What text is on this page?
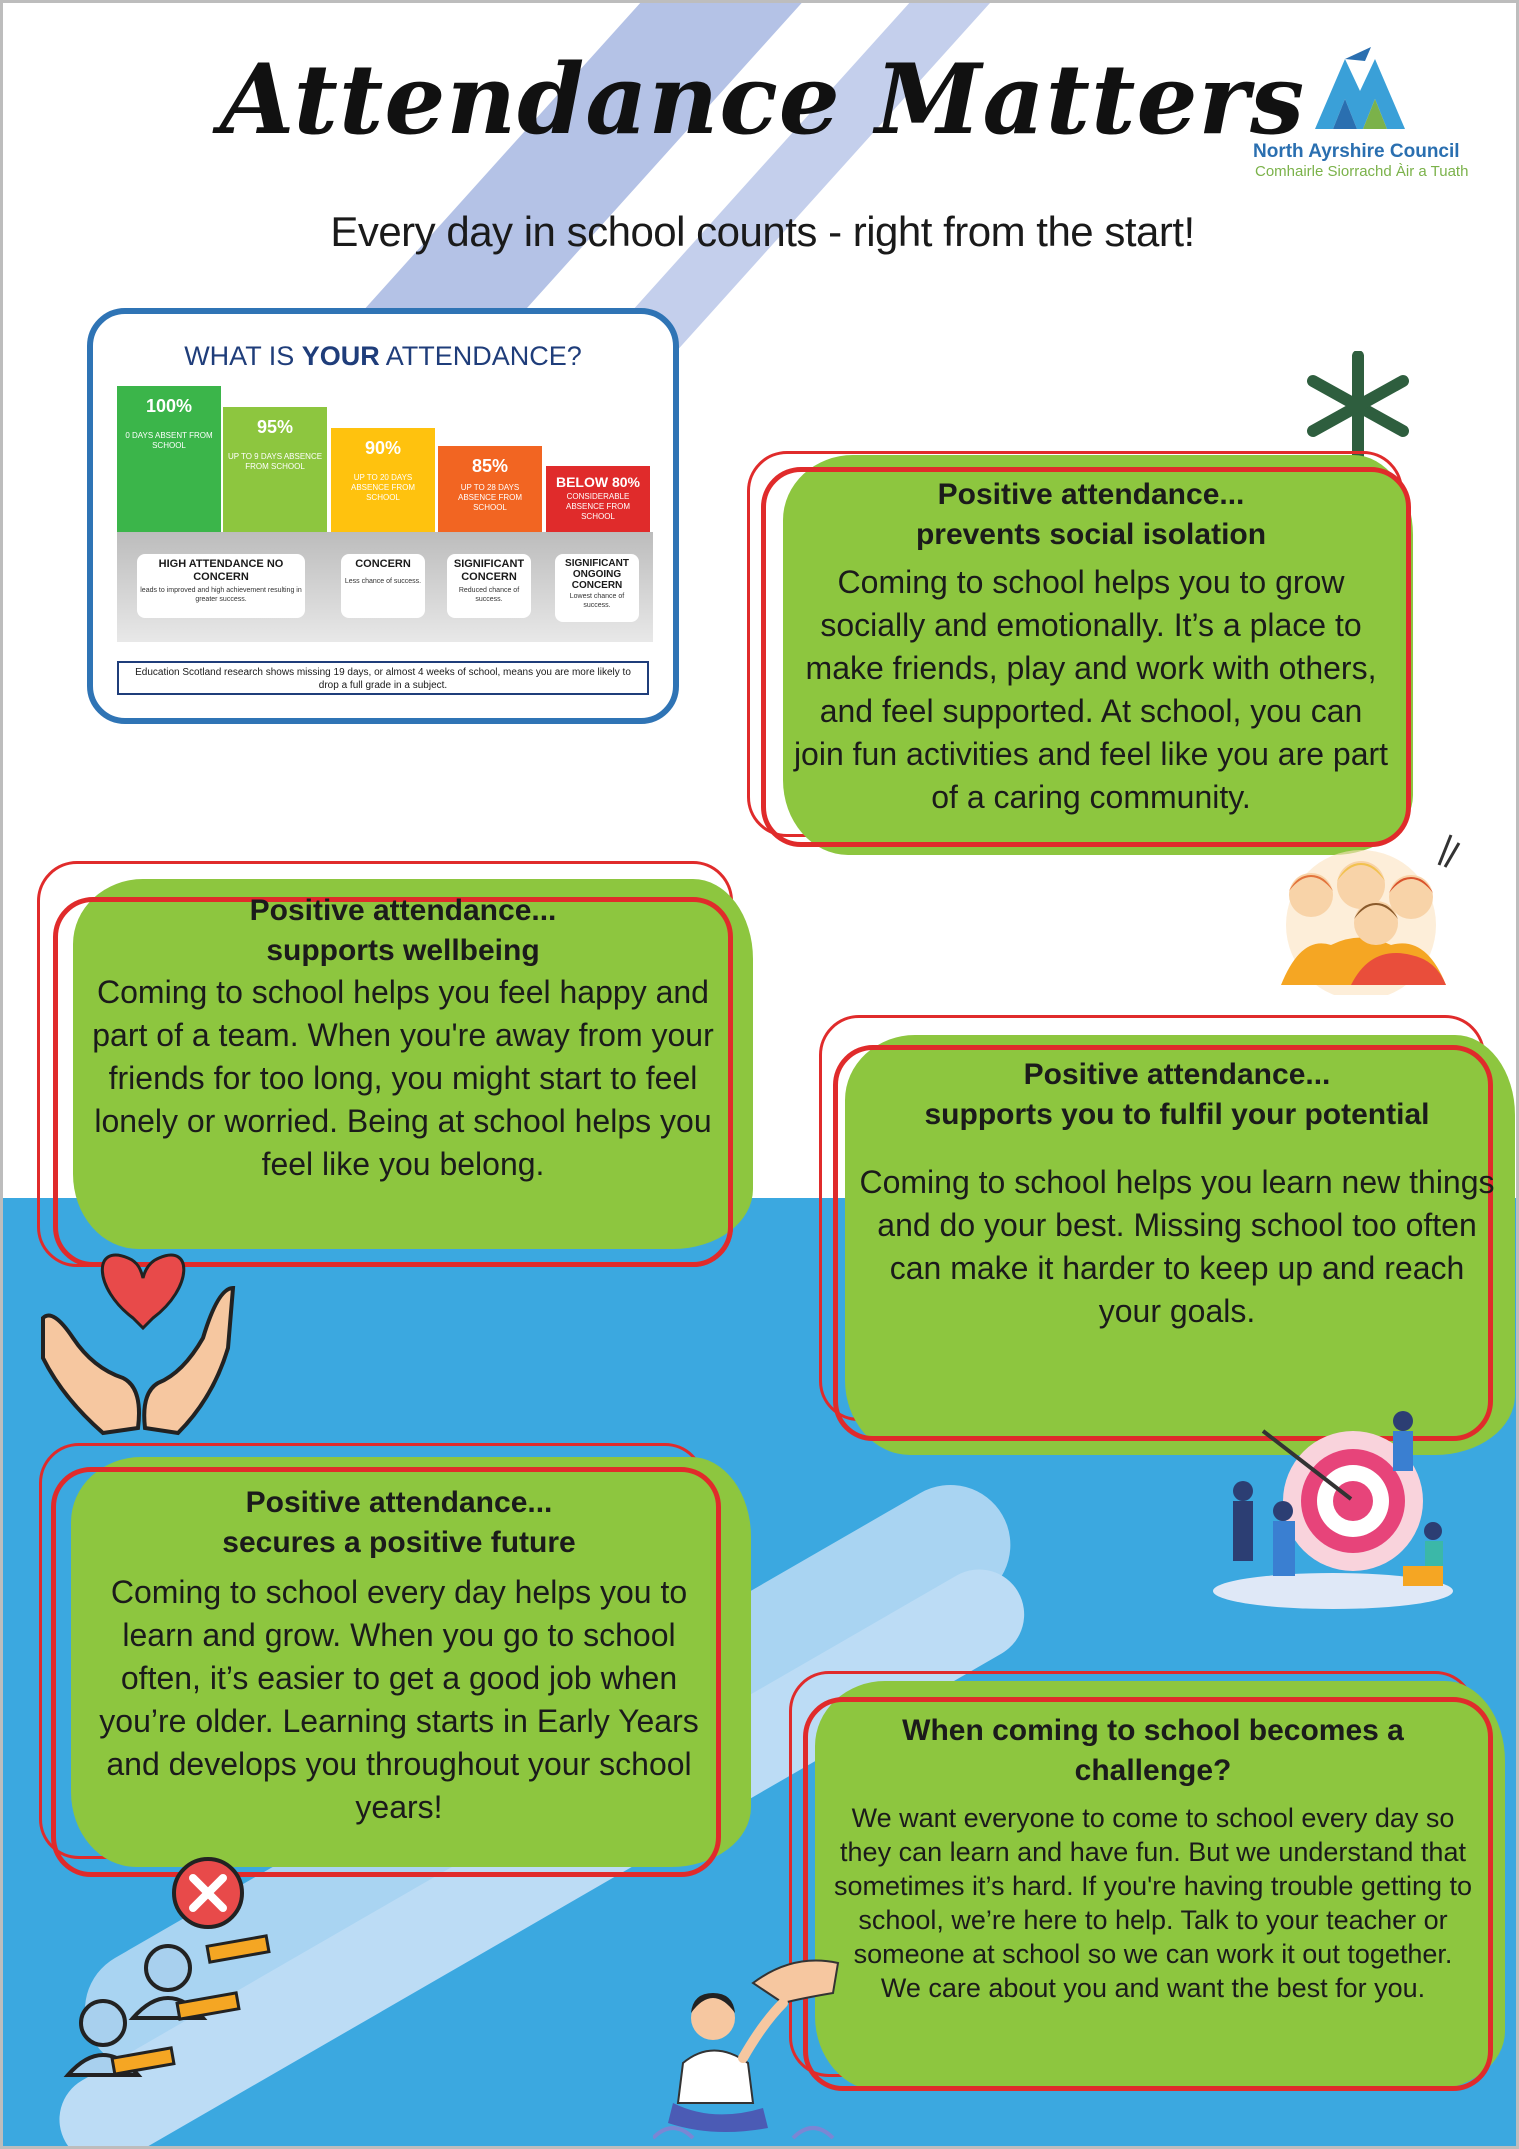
Attendance Matters

Every day in school counts - right from the start!

North Ayrshire Council
Comhairle Siorrachd Àir a Tuath

WHAT IS YOUR ATTENDANCE?

100%
0 DAYS ABSENT FROM SCHOOL
95%
UP TO 9 DAYS ABSENCE FROM SCHOOL
90%
UP TO 20 DAYS ABSENCE FROM SCHOOL
85%
UP TO 28 DAYS ABSENCE FROM SCHOOL
BELOW 80%
CONSIDERABLE ABSENCE FROM SCHOOL
HIGH ATTENDANCE NO CONCERN
leads to improved and high achievement resulting in greater success.
CONCERN
Less chance of success.
SIGNIFICANT CONCERN
Reduced chance of success.
SIGNIFICANT ONGOING CONCERN
Lowest chance of success.
Education Scotland research shows missing 19 days, or almost 4 weeks of school, means you are more likely to drop a full grade in a subject.

Positive attendance...

prevents social isolation

Coming to school helps you to grow socially and emotionally. It’s a place to make friends, play and work with others, and feel supported. At school, you can join fun activities and feel like you are part of a caring community.

Positive attendance...

supports wellbeing

Coming to school helps you feel happy and part of a team. When you're away from your friends for too long, you might start to feel lonely or worried. Being at school helps you feel like you belong.

Positive attendance...

supports you to fulfil your potential

Coming to school helps you learn new things and do your best. Missing school too often can make it harder to keep up and reach your goals.

Positive attendance...

secures a positive future

Coming to school every day helps you to learn and grow. When you go to school often, it’s easier to get a good job when you’re older. Learning starts in Early Years and develops you throughout your school years!

When coming to school becomes a

challenge?

We want everyone to come to school every day so they can learn and have fun. But we understand that sometimes it’s hard. If you're having trouble getting to school, we’re here to help. Talk to your teacher or someone at school so we can work it out together. We care about you and want the best for you.
